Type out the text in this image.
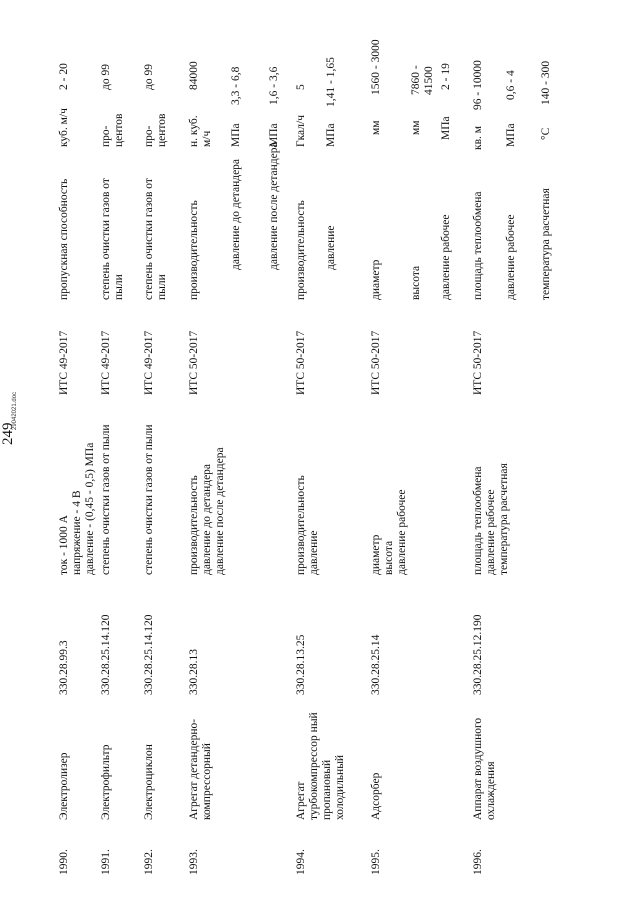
249
1990.
Электролизер
330.28.99.3
ток - 1000 А напряжение - 4 В давление - (0,45 - 0,5) МПа
ИТС 49-2017
пропускная способность
куб. м/ч
2 - 20
1991.
Электрофильтр
330.28.25.14.120
степень очистки газов от пыли
ИТС 49-2017
степень очистки газов от пыли
про- центов
до 99
1992.
Электроциклон
330.28.25.14.120
степень очистки газов от пыли
ИТС 49-2017
степень очистки газов от пыли
про- центов
до 99
1993.
Агрегат детандерно- компрессорный
330.28.13
производительность давление до детандера давление после детандера
ИТС 50-2017
производительность
н. куб. м/ч
84000
давление до детандера
МПа
3,3 - 6,8
давление после детандера
МПа
1,6 - 3,6
1994.
Агрегат турбокомпрессор ный пропановый холодильный
330.28.13.25
производительность давление
ИТС 50-2017
производительность
Гкал/ч
5
давление
МПа
1,41 - 1,65
1995.
Адсорбер
330.28.25.14
диаметр высота давление рабочее
ИТС 50-2017
диаметр
мм
1560 - 3000
высота
мм
7860 - 41500
давление рабочее
МПа
2 - 19
1996.
Аппарат воздушного охлаждения
330.28.25.12.190
площадь теплообмена давление рабочее температура расчетная
ИТС 50-2017
площадь теплообмена
кв. м
96 - 10000
давление рабочее
МПа
0,6 - 4
температура расчетная
°С
140 - 300
29042021.doc
